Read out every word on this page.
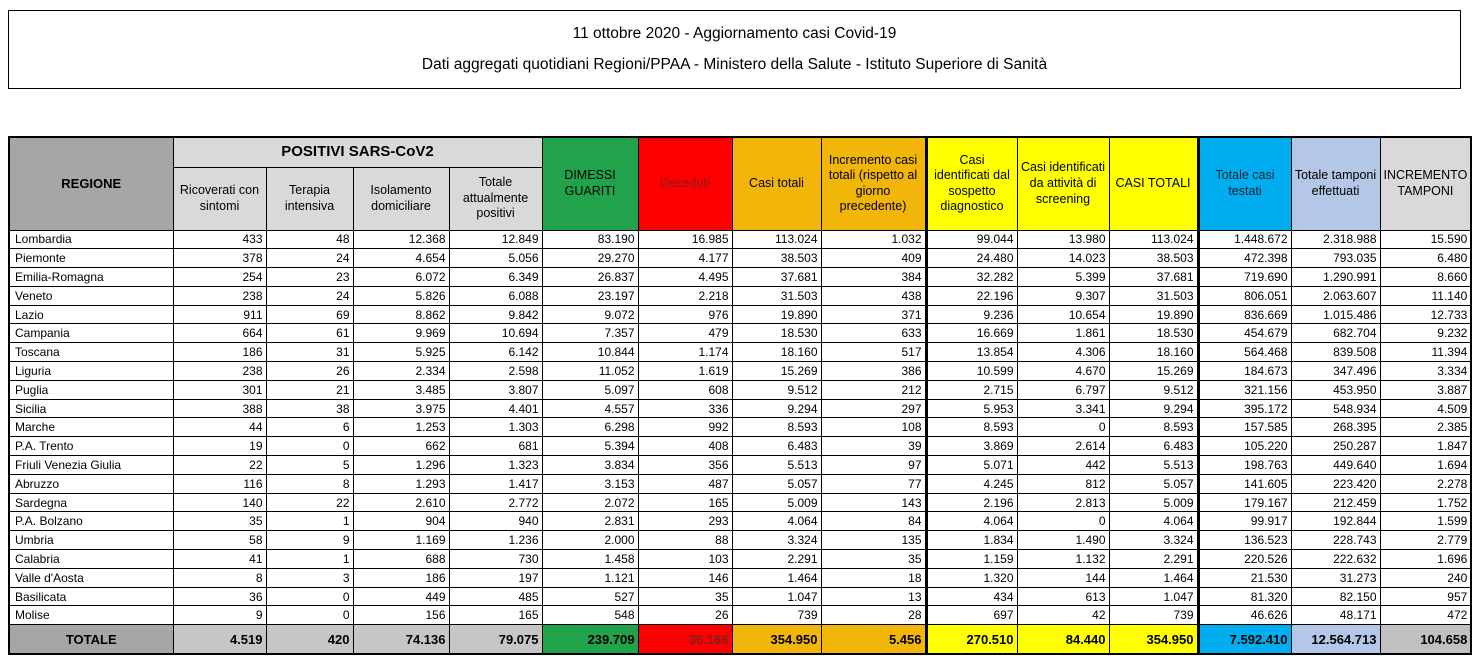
11 ottobre 2020 - Aggiornamento casi Covid-19
Dati aggregati quotidiani Regioni/PPAA - Ministero della Salute - Istituto Superiore di Sanità
REGIONE	POSITIVI SARS-CoV2				DIMESSI GUARITI	Deceduti	Casi totali	Incremento casi totali (rispetto al giorno precedente)	Casi identificati dal sospetto diagnostico	Casi identificati da attività di screening	CASI TOTALI	Totale casi testati	Totale tamponi effettuati	INCREMENTO TAMPONI
	Ricoverati con sintomi	Terapia intensiva	Isolamento domiciliare	Totale attualmente positivi										
Lombardia	433	48	12.368	12.849	83.190	16.985	113.024	1.032	99.044	13.980	113.024	1.448.672	2.318.988	15.590
Piemonte	378	24	4.654	5.056	29.270	4.177	38.503	409	24.480	14.023	38.503	472.398	793.035	6.480
Emilia-Romagna	254	23	6.072	6.349	26.837	4.495	37.681	384	32.282	5.399	37.681	719.690	1.290.991	8.660
Veneto	238	24	5.826	6.088	23.197	2.218	31.503	438	22.196	9.307	31.503	806.051	2.063.607	11.140
Lazio	911	69	8.862	9.842	9.072	976	19.890	371	9.236	10.654	19.890	836.669	1.015.486	12.733
Campania	664	61	9.969	10.694	7.357	479	18.530	633	16.669	1.861	18.530	454.679	682.704	9.232
Toscana	186	31	5.925	6.142	10.844	1.174	18.160	517	13.854	4.306	18.160	564.468	839.508	11.394
Liguria	238	26	2.334	2.598	11.052	1.619	15.269	386	10.599	4.670	15.269	184.673	347.496	3.334
Puglia	301	21	3.485	3.807	5.097	608	9.512	212	2.715	6.797	9.512	321.156	453.950	3.887
Sicilia	388	38	3.975	4.401	4.557	336	9.294	297	5.953	3.341	9.294	395.172	548.934	4.509
Marche	44	6	1.253	1.303	6.298	992	8.593	108	8.593	0	8.593	157.585	268.395	2.385
P.A. Trento	19	0	662	681	5.394	408	6.483	39	3.869	2.614	6.483	105.220	250.287	1.847
Friuli Venezia Giulia	22	5	1.296	1.323	3.834	356	5.513	97	5.071	442	5.513	198.763	449.640	1.694
Abruzzo	116	8	1.293	1.417	3.153	487	5.057	77	4.245	812	5.057	141.605	223.420	2.278
Sardegna	140	22	2.610	2.772	2.072	165	5.009	143	2.196	2.813	5.009	179.167	212.459	1.752
P.A. Bolzano	35	1	904	940	2.831	293	4.064	84	4.064	0	4.064	99.917	192.844	1.599
Umbria	58	9	1.169	1.236	2.000	88	3.324	135	1.834	1.490	3.324	136.523	228.743	2.779
Calabria	41	1	688	730	1.458	103	2.291	35	1.159	1.132	2.291	220.526	222.632	1.696
Valle d'Aosta	8	3	186	197	1.121	146	1.464	18	1.320	144	1.464	21.530	31.273	240
Basilicata	36	0	449	485	527	35	1.047	13	434	613	1.047	81.320	82.150	957
Molise	9	0	156	165	548	26	739	28	697	42	739	46.626	48.171	472
TOTALE	4.519	420	74.136	79.075	239.709	36.166	354.950	5.456	270.510	84.440	354.950	7.592.410	12.564.713	104.658
